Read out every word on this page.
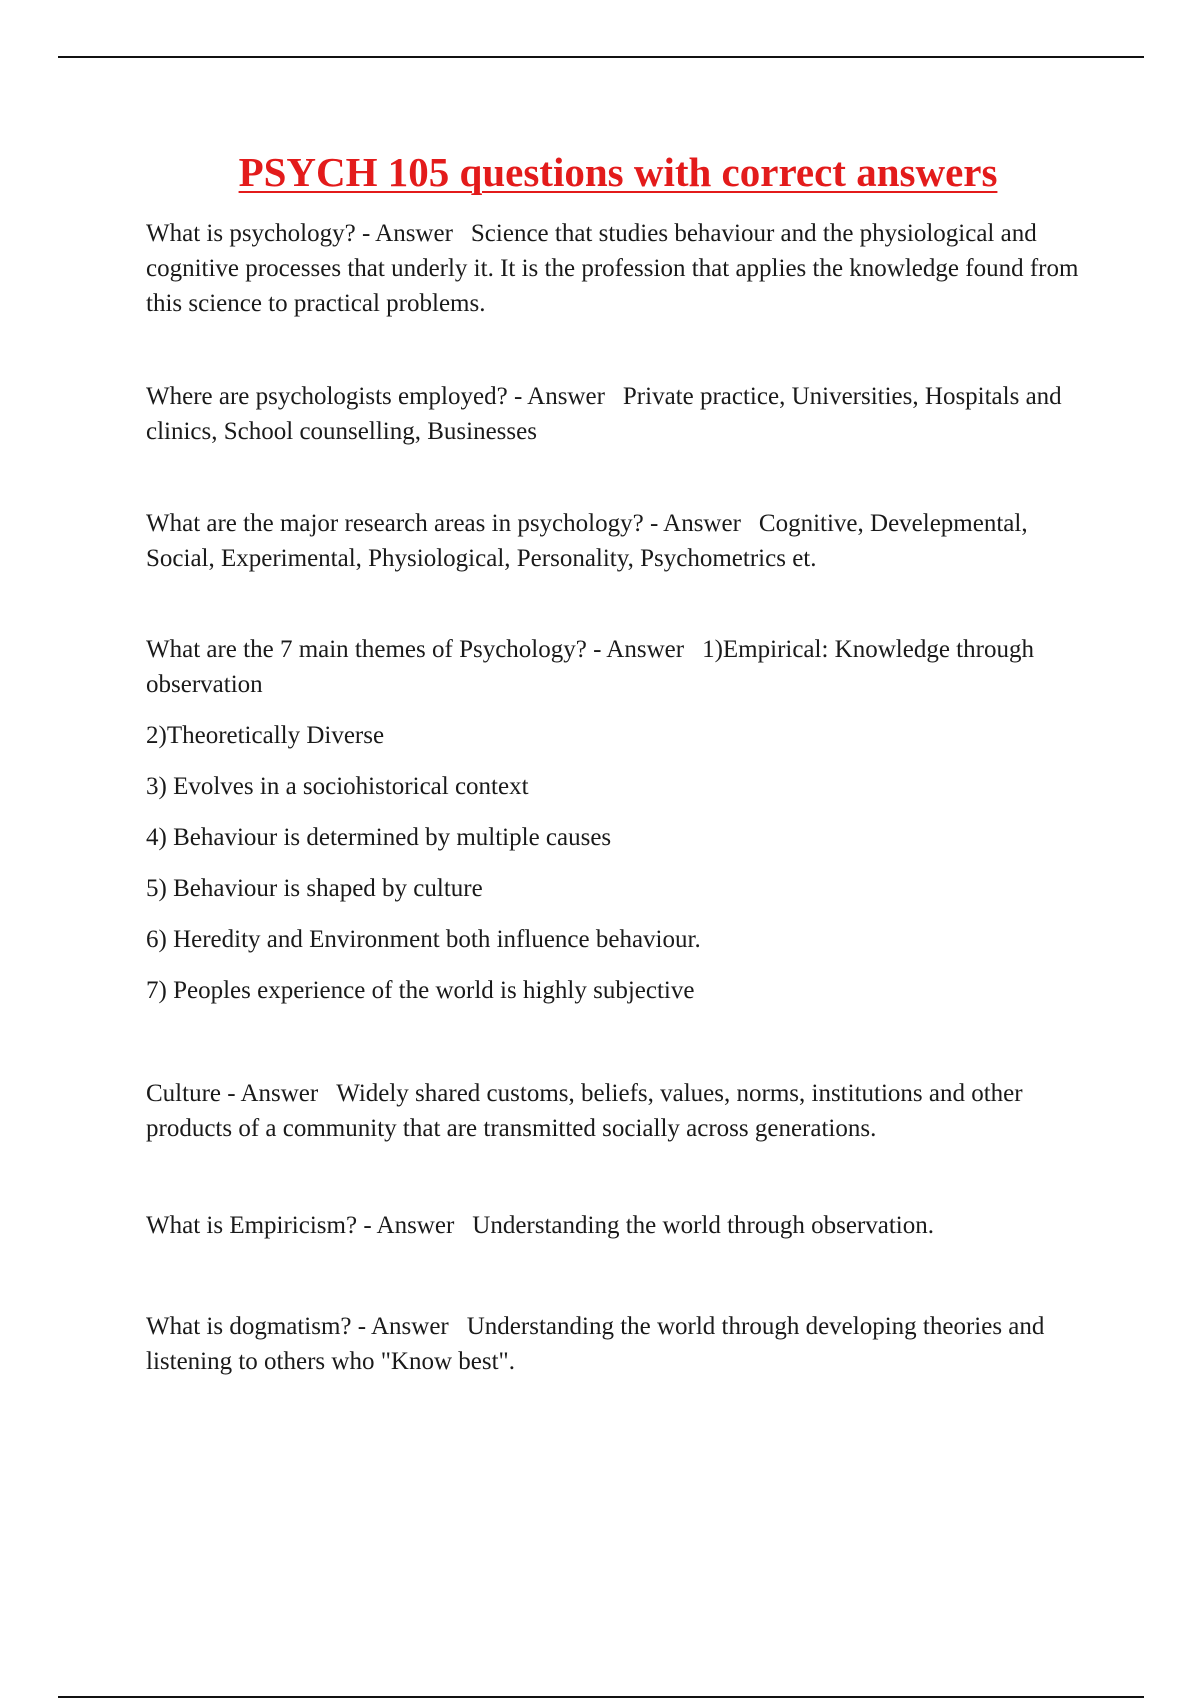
PSYCH 105 questions with correct answers

What is psychology? - Answer Science that studies behaviour and the physiological and cognitive processes that underly it. It is the profession that applies the knowledge found from this science to practical problems.

Where are psychologists employed? - Answer Private practice, Universities, Hospitals and clinics, School counselling, Businesses

What are the major research areas in psychology? - Answer Cognitive, Develepmental, Social, Experimental, Physiological, Personality, Psychometrics et.

What are the 7 main themes of Psychology? - Answer 1)Empirical: Knowledge through observation

2)Theoretically Diverse

3) Evolves in a sociohistorical context

4) Behaviour is determined by multiple causes

5) Behaviour is shaped by culture

6) Heredity and Environment both influence behaviour.

7) Peoples experience of the world is highly subjective

Culture - Answer Widely shared customs, beliefs, values, norms, institutions and other products of a community that are transmitted socially across generations.

What is Empiricism? - Answer Understanding the world through observation.

What is dogmatism? - Answer Understanding the world through developing theories and listening to others who "Know best".
